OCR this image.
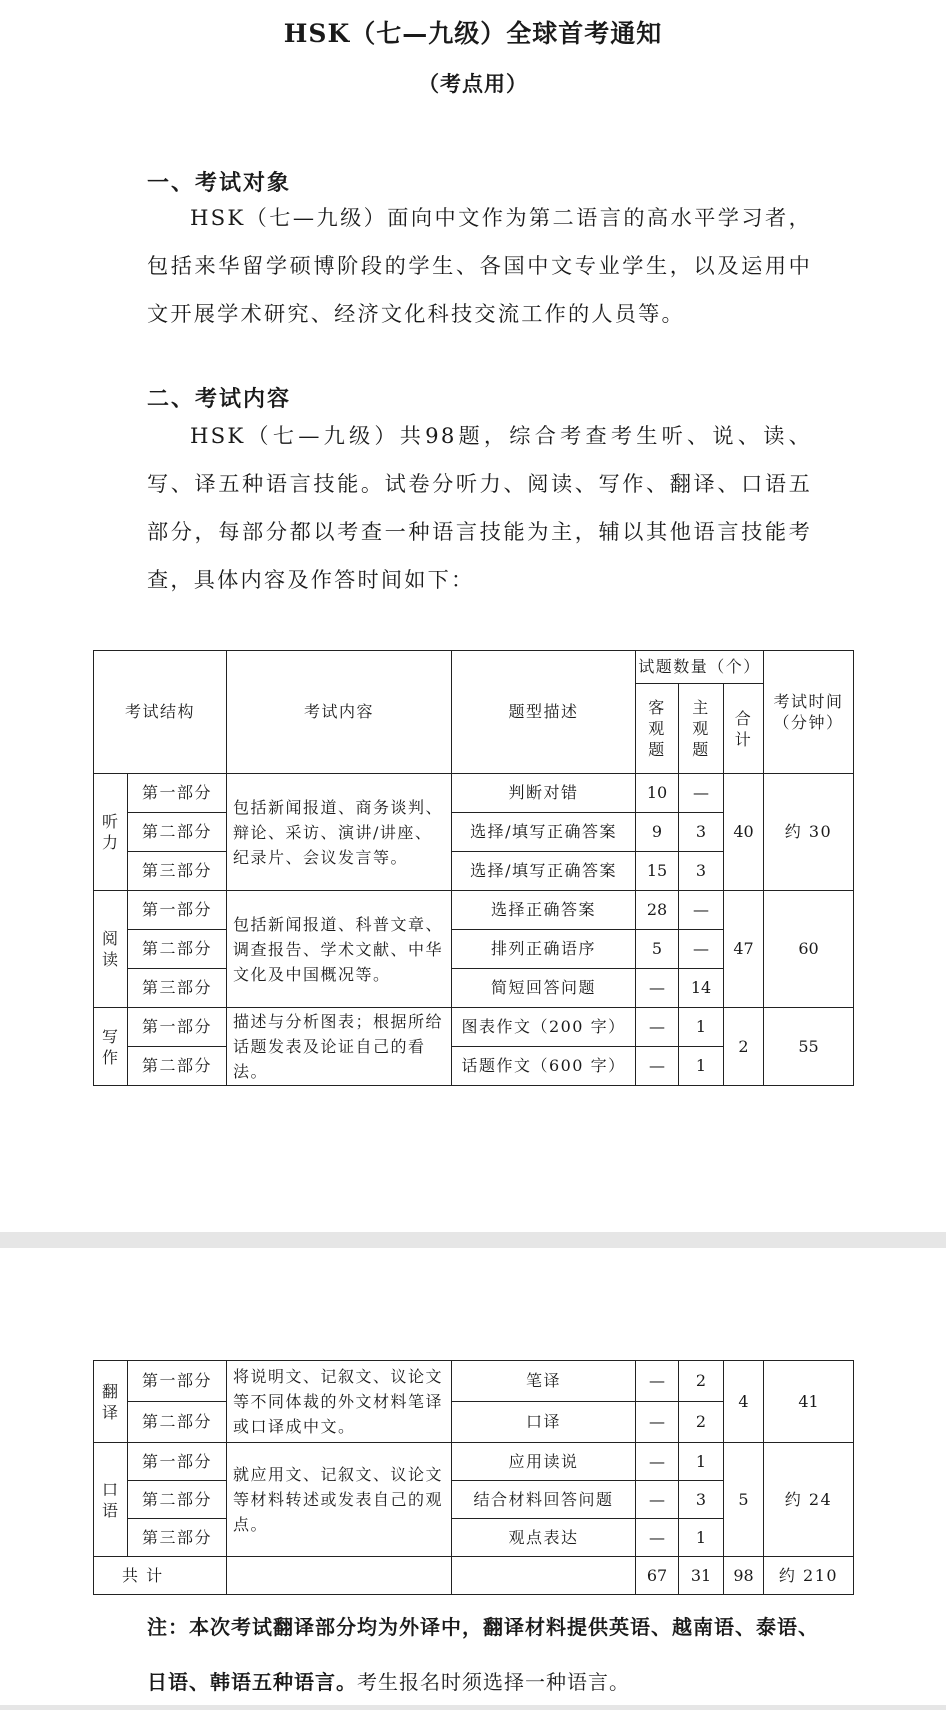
HSK（七—九级）全球首考通知
（考点用）
一、考试对象

HSK（七—九级）面向中文作为第二语言的高水平学习者，包括来华留学硕博阶段的学生、各国中文专业学生，以及运用中文开展学术研究、经济文化科技交流工作的人员等。

二、考试内容

HSK（七—九级）共98题，综合考查考生听、说、读、写、译五种语言技能。试卷分听力、阅读、写作、翻译、口语五部分，每部分都以考查一种语言技能为主，辅以其他语言技能考查，具体内容及作答时间如下：

考试结构		考试内容	题型描述	试题数量（个）			考试时间（分钟）
				客观题	主观题	合计	
听力	第一部分	包括新闻报道、商务谈判、辩论、采访、演讲/讲座、纪录片、会议发言等。	判断对错	10	—	40	约 30
	第二部分		选择/填写正确答案	9	3		
	第三部分		选择/填写正确答案	15	3		
阅读	第一部分	包括新闻报道、科普文章、调查报告、学术文献、中华文化及中国概况等。	选择正确答案	28	—	47	60
	第二部分		排列正确语序	5	—		
	第三部分		简短回答问题	—	14		
写作	第一部分	描述与分析图表；根据所给话题发表及论证自己的看法。	图表作文（200 字）	—	1	2	55
	第二部分		话题作文（600 字）	—	1		
翻译	第一部分	将说明文、记叙文、议论文等不同体裁的外文材料笔译或口译成中文。	笔译	—	2	4	41
	第二部分		口译	—	2		
口语	第一部分	就应用文、记叙文、议论文等材料转述或发表自己的观点。	应用读说	—	1	5	约 24
	第二部分		结合材料回答问题	—	3		
	第三部分		观点表达	—	1		
共 计				67	31	98	约 210

注：本次考试翻译部分均为外译中，翻译材料提供英语、越南语、泰语、日语、韩语五种语言。考生报名时须选择一种语言。
